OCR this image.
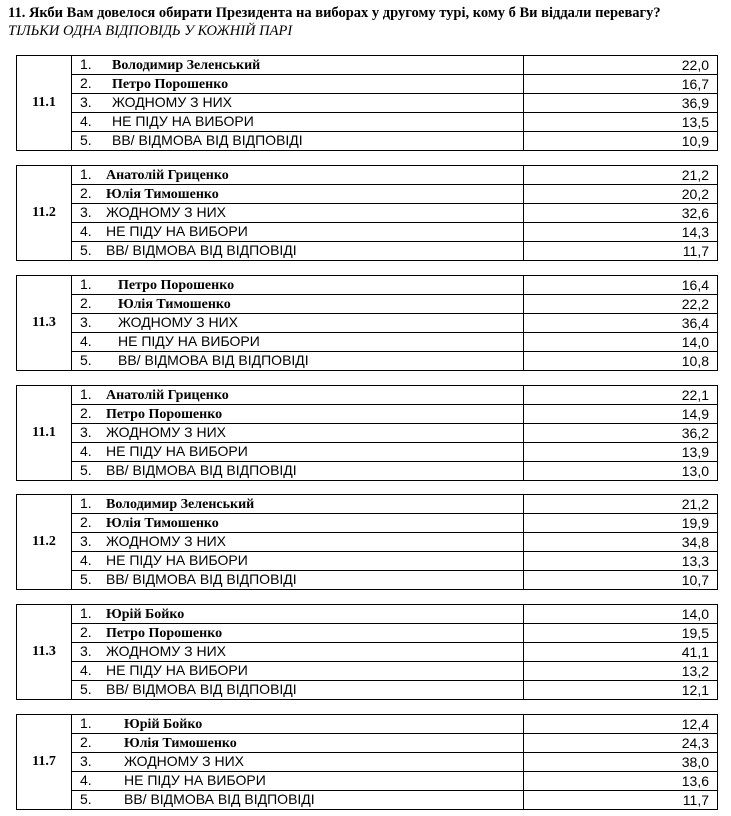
11. Якби Вам довелося обирати Президента на виборах у другому турі, кому б Ви віддали перевагу?
ТІЛЬКИ ОДНА ВІДПОВІДЬ У КОЖНІЙ ПАРІ
11.1	1. Володимир Зеленський	22,0
	2. Петро Порошенко	16,7
	3. ЖОДНОМУ З НИХ	36,9
	4. НЕ ПІДУ НА ВИБОРИ	13,5
	5. ВВ/ ВІДМОВА ВІД ВІДПОВІДІ	10,9
11.2	1. Анатолій Гриценко	21,2
	2. Юлія Тимошенко	20,2
	3. ЖОДНОМУ З НИХ	32,6
	4. НЕ ПІДУ НА ВИБОРИ	14,3
	5. ВВ/ ВІДМОВА ВІД ВІДПОВІДІ	11,7
11.3	1. Петро Порошенко	16,4
	2. Юлія Тимошенко	22,2
	3. ЖОДНОМУ З НИХ	36,4
	4. НЕ ПІДУ НА ВИБОРИ	14,0
	5. ВВ/ ВІДМОВА ВІД ВІДПОВІДІ	10,8
11.1	1. Анатолій Гриценко	22,1
	2. Петро Порошенко	14,9
	3. ЖОДНОМУ З НИХ	36,2
	4. НЕ ПІДУ НА ВИБОРИ	13,9
	5. ВВ/ ВІДМОВА ВІД ВІДПОВІДІ	13,0
11.2	1. Володимир Зеленський	21,2
	2. Юлія Тимошенко	19,9
	3. ЖОДНОМУ З НИХ	34,8
	4. НЕ ПІДУ НА ВИБОРИ	13,3
	5. ВВ/ ВІДМОВА ВІД ВІДПОВІДІ	10,7
11.3	1. Юрій Бойко	14,0
	2. Петро Порошенко	19,5
	3. ЖОДНОМУ З НИХ	41,1
	4. НЕ ПІДУ НА ВИБОРИ	13,2
	5. ВВ/ ВІДМОВА ВІД ВІДПОВІДІ	12,1
11.7	1. Юрій Бойко	12,4
	2. Юлія Тимошенко	24,3
	3. ЖОДНОМУ З НИХ	38,0
	4. НЕ ПІДУ НА ВИБОРИ	13,6
	5. ВВ/ ВІДМОВА ВІД ВІДПОВІДІ	11,7
